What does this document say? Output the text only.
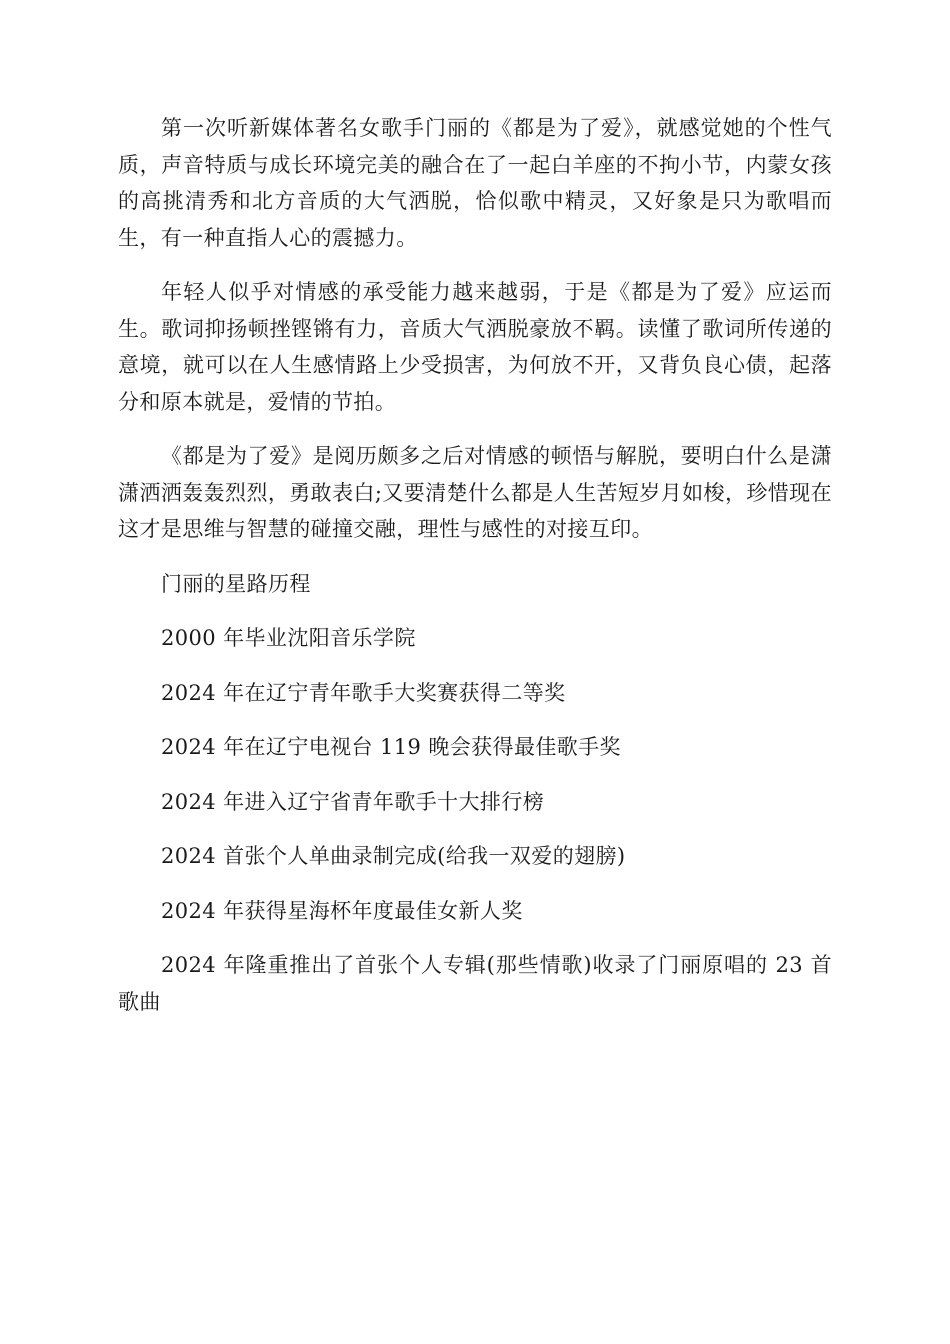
第一次听新媒体著名女歌手门丽的《都是为了爱》，就感觉她的个性气质，声音特质与成长环境完美的融合在了一起白羊座的不拘小节，内蒙女孩的高挑清秀和北方音质的大气洒脱，恰似歌中精灵，又好象是只为歌唱而生，有一种直指人心的震撼力。

年轻人似乎对情感的承受能力越来越弱，于是《都是为了爱》应运而生。歌词抑扬顿挫铿锵有力，音质大气洒脱豪放不羁。读懂了歌词所传递的意境，就可以在人生感情路上少受损害，为何放不开，又背负良心债，起落分和原本就是，爱情的节拍。

《都是为了爱》是阅历颇多之后对情感的顿悟与解脱，要明白什么是潇潇洒洒轰轰烈烈，勇敢表白;又要清楚什么都是人生苦短岁月如梭，珍惜现在这才是思维与智慧的碰撞交融，理性与感性的对接互印。

门丽的星路历程

2000 年毕业沈阳音乐学院

2024 年在辽宁青年歌手大奖赛获得二等奖

2024 年在辽宁电视台 119 晚会获得最佳歌手奖

2024 年进入辽宁省青年歌手十大排行榜

2024 首张个人单曲录制完成(给我一双爱的翅膀)

2024 年获得星海杯年度最佳女新人奖

2024 年隆重推出了首张个人专辑(那些情歌)收录了门丽原唱的 23 首歌曲
